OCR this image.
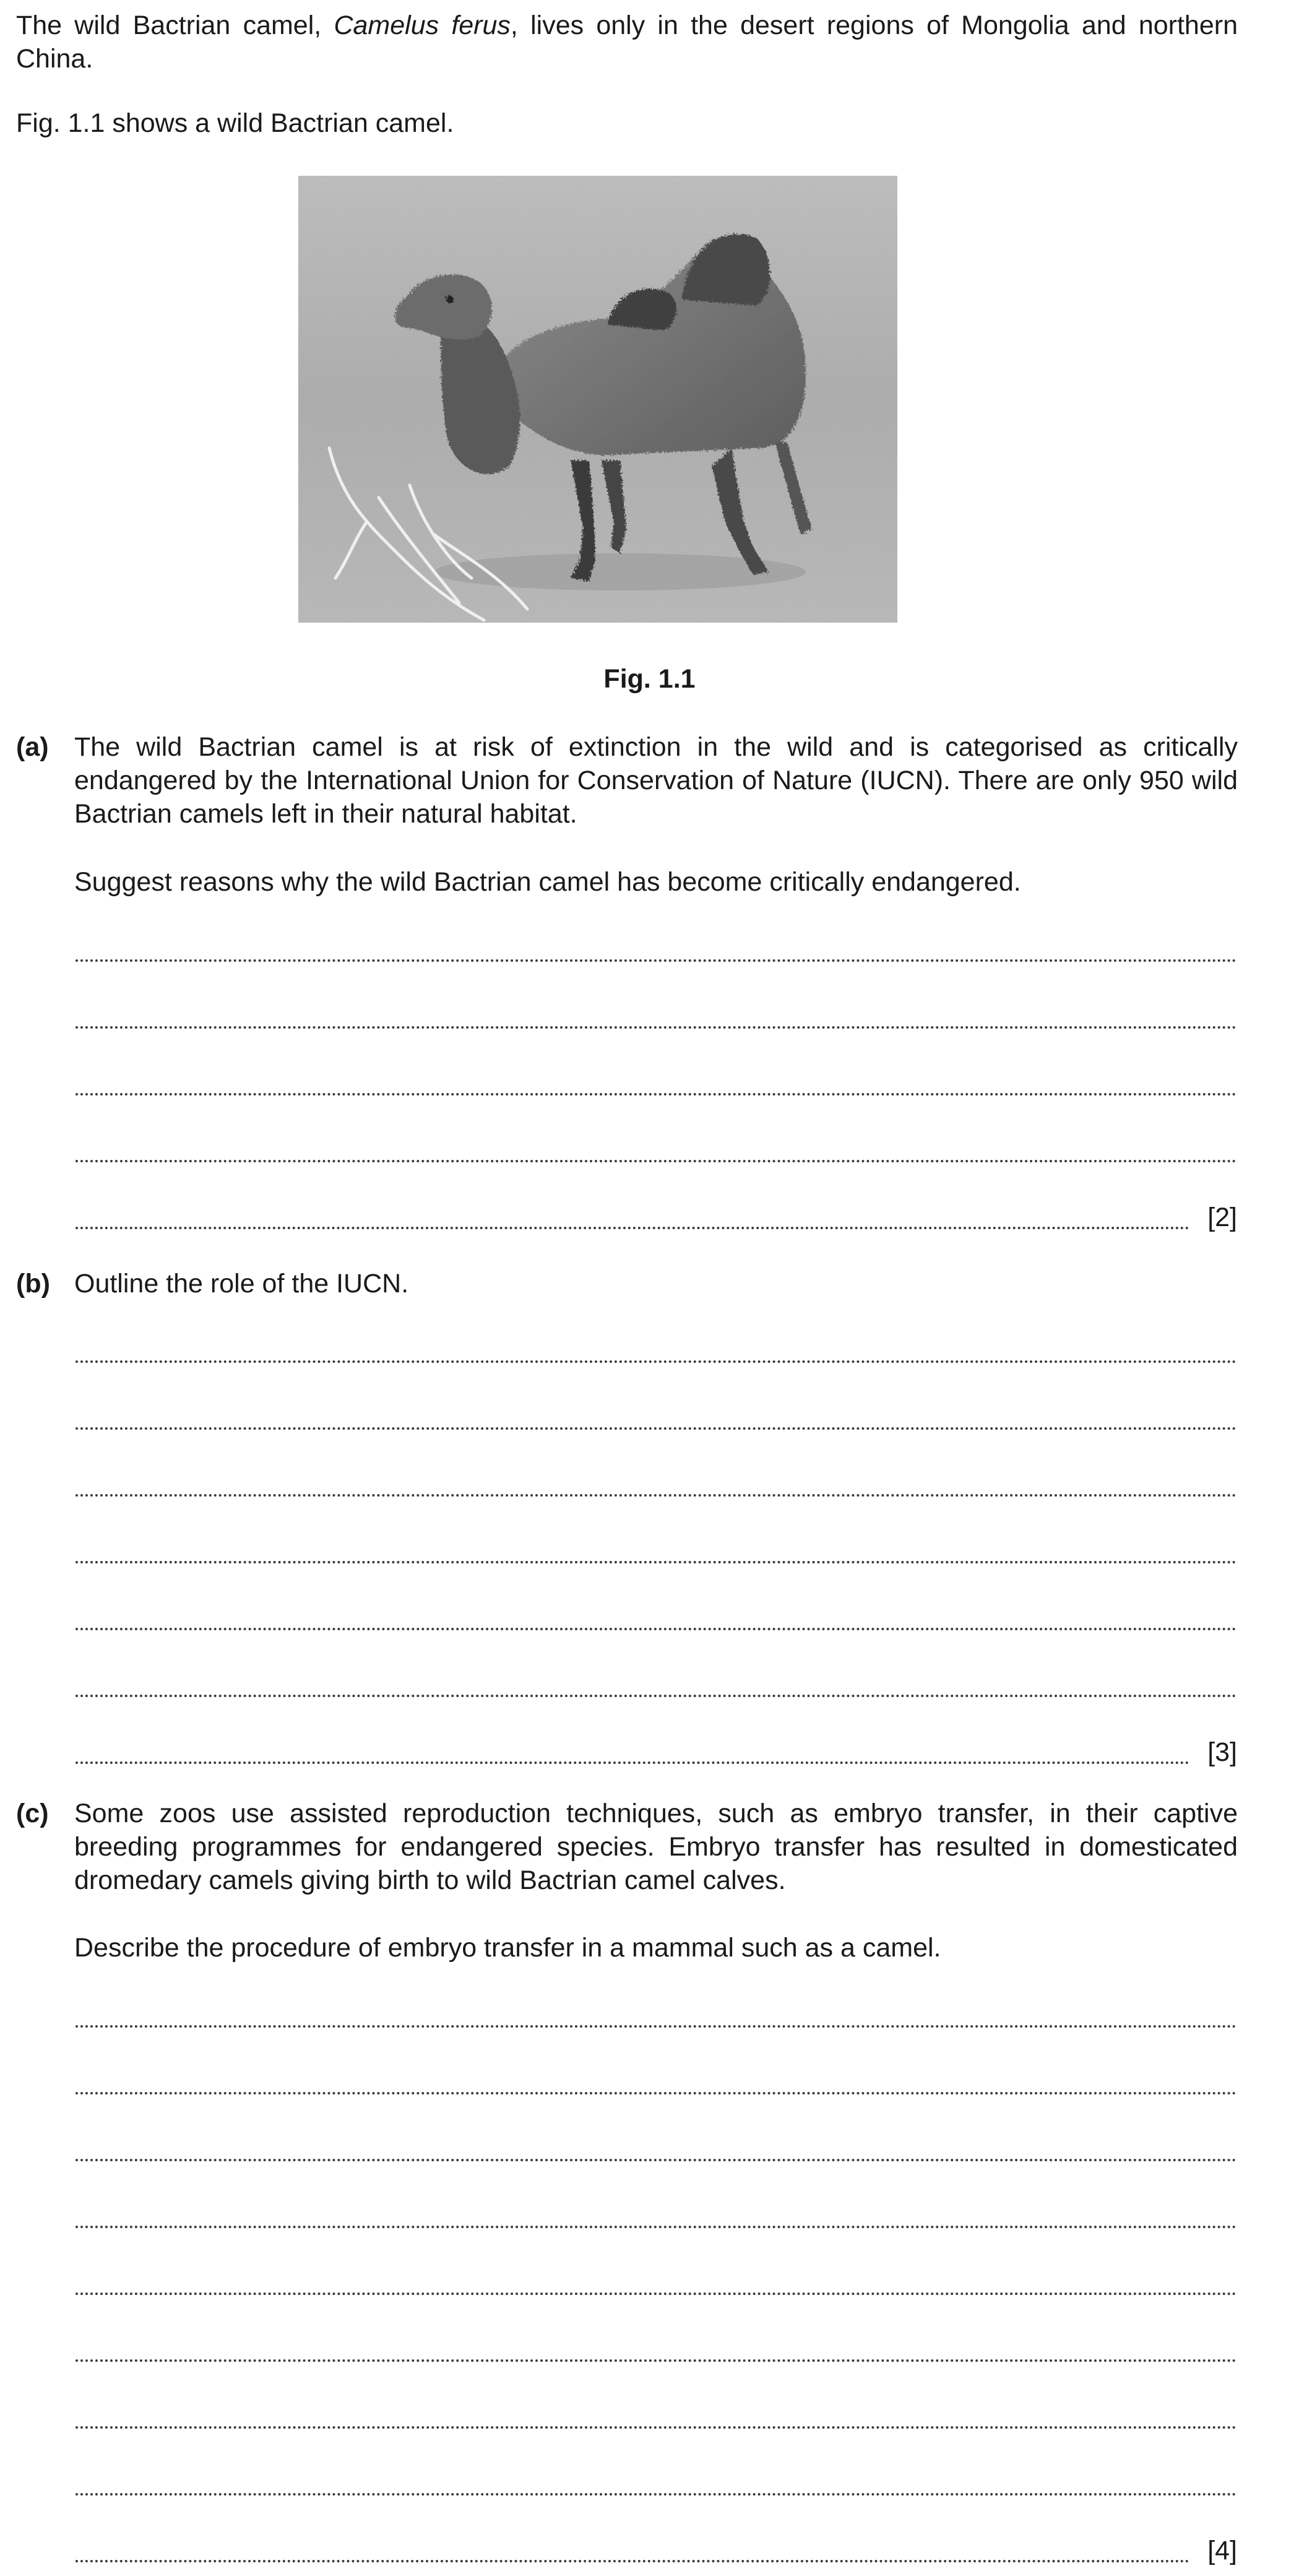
The wild Bactrian camel, Camelus ferus, lives only in the desert regions of Mongolia and northern China.

Fig. 1.1 shows a wild Bactrian camel.

Fig. 1.1
(a) The wild Bactrian camel is at risk of extinction in the wild and is categorised as critically endangered by the International Union for Conservation of Nature (IUCN). There are only 950 wild Bactrian camels left in their natural habitat.

Suggest reasons why the wild Bactrian camel has become critically endangered.

[2]
(b) Outline the role of the IUCN.

[3]
(c) Some zoos use assisted reproduction techniques, such as embryo transfer, in their captive breeding programmes for endangered species. Embryo transfer has resulted in domesticated dromedary camels giving birth to wild Bactrian camel calves.

Describe the procedure of embryo transfer in a mammal such as a camel.

[4]
